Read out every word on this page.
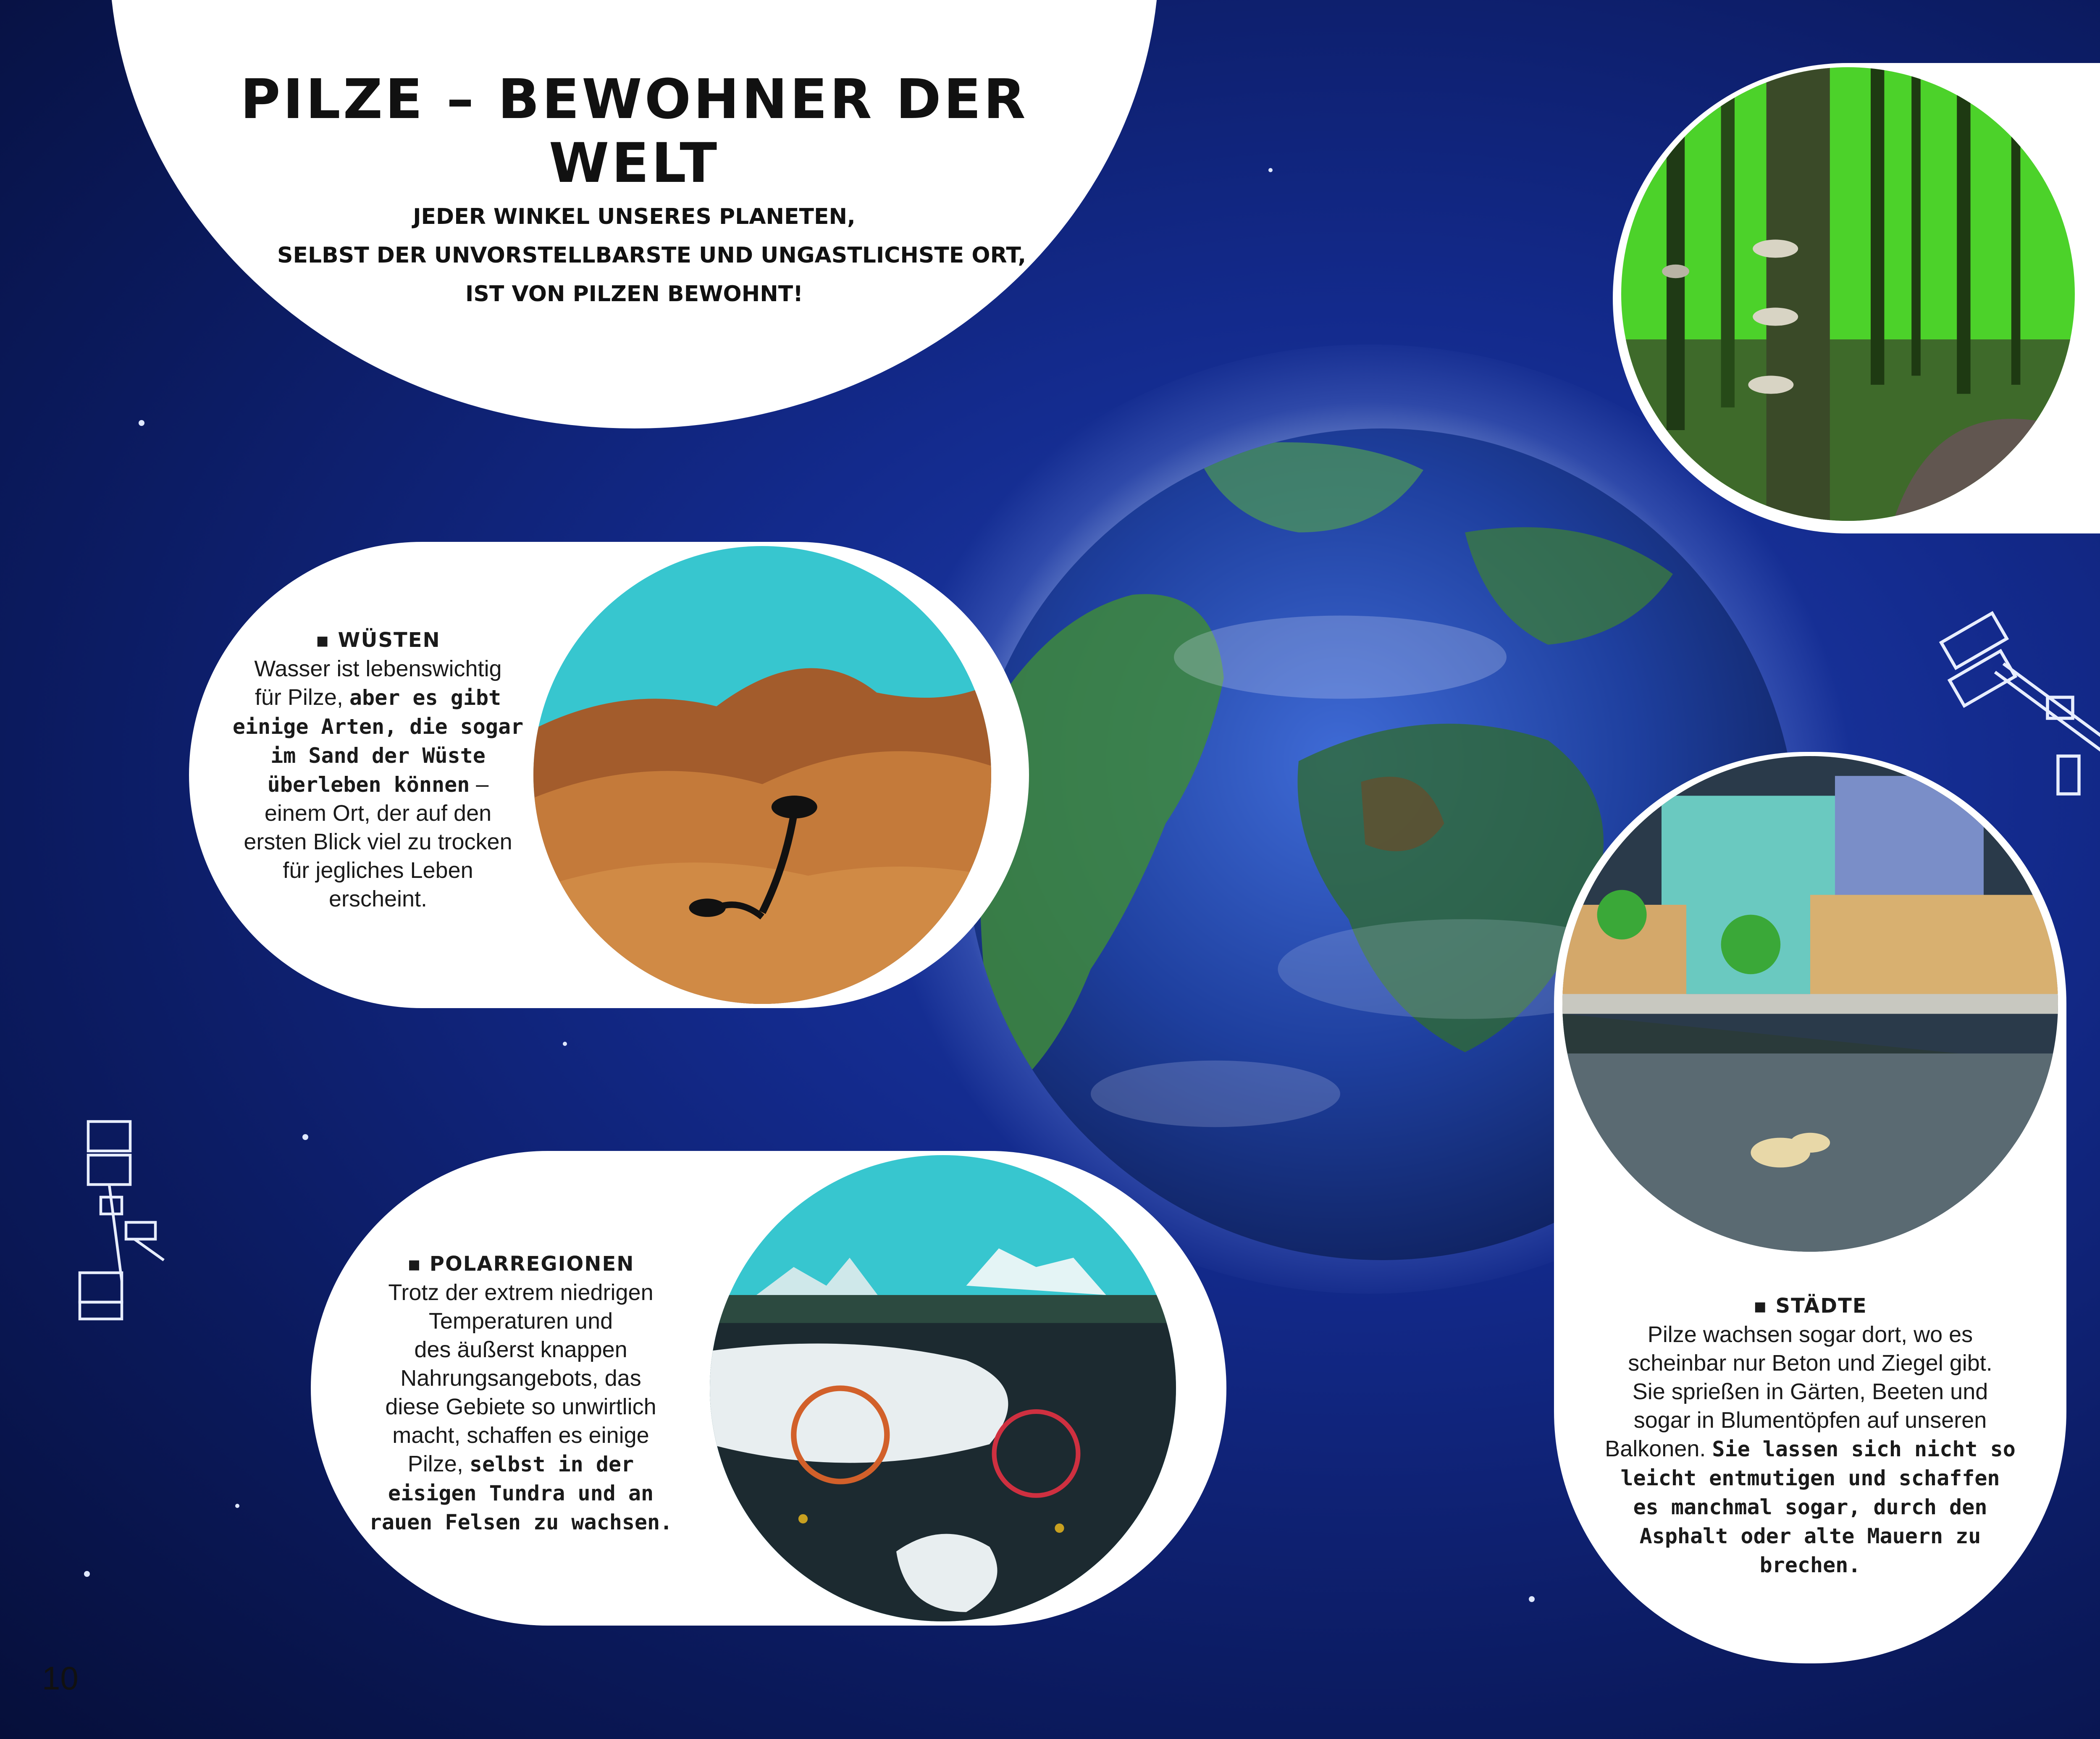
PILZE – BEWOHNER DER WELT
JEDER WINKEL UNSERES PLANETEN,
SELBST DER UNVORSTELLBARSTE UND UNGASTLICHSTE ORT,
IST VON PILZEN BEWOHNT!
▪ WÜSTEN
Wasser ist lebenswichtig
für Pilze, aber es gibt
einige Arten, die sogar
im Sand der Wüste
überleben können –
einem Ort, der auf den
ersten Blick viel zu trocken
für jegliches Leben
erscheint.
▪ POLARREGIONEN
Trotz der extrem niedrigen
Temperaturen und
des äußerst knappen
Nahrungsangebots, das
diese Gebiete so unwirtlich
macht, schaffen es einige
Pilze, selbst in der
eisigen Tundra und an
rauen Felsen zu wachsen.
▪ STÄDTE
Pilze wachsen sogar dort, wo es
scheinbar nur Beton und Ziegel gibt.
Sie sprießen in Gärten, Beeten und
sogar in Blumentöpfen auf unseren
Balkonen. Sie lassen sich nicht so
leicht entmutigen und schaffen
es manchmal sogar, durch den
Asphalt oder alte Mauern zu
brechen.
10
